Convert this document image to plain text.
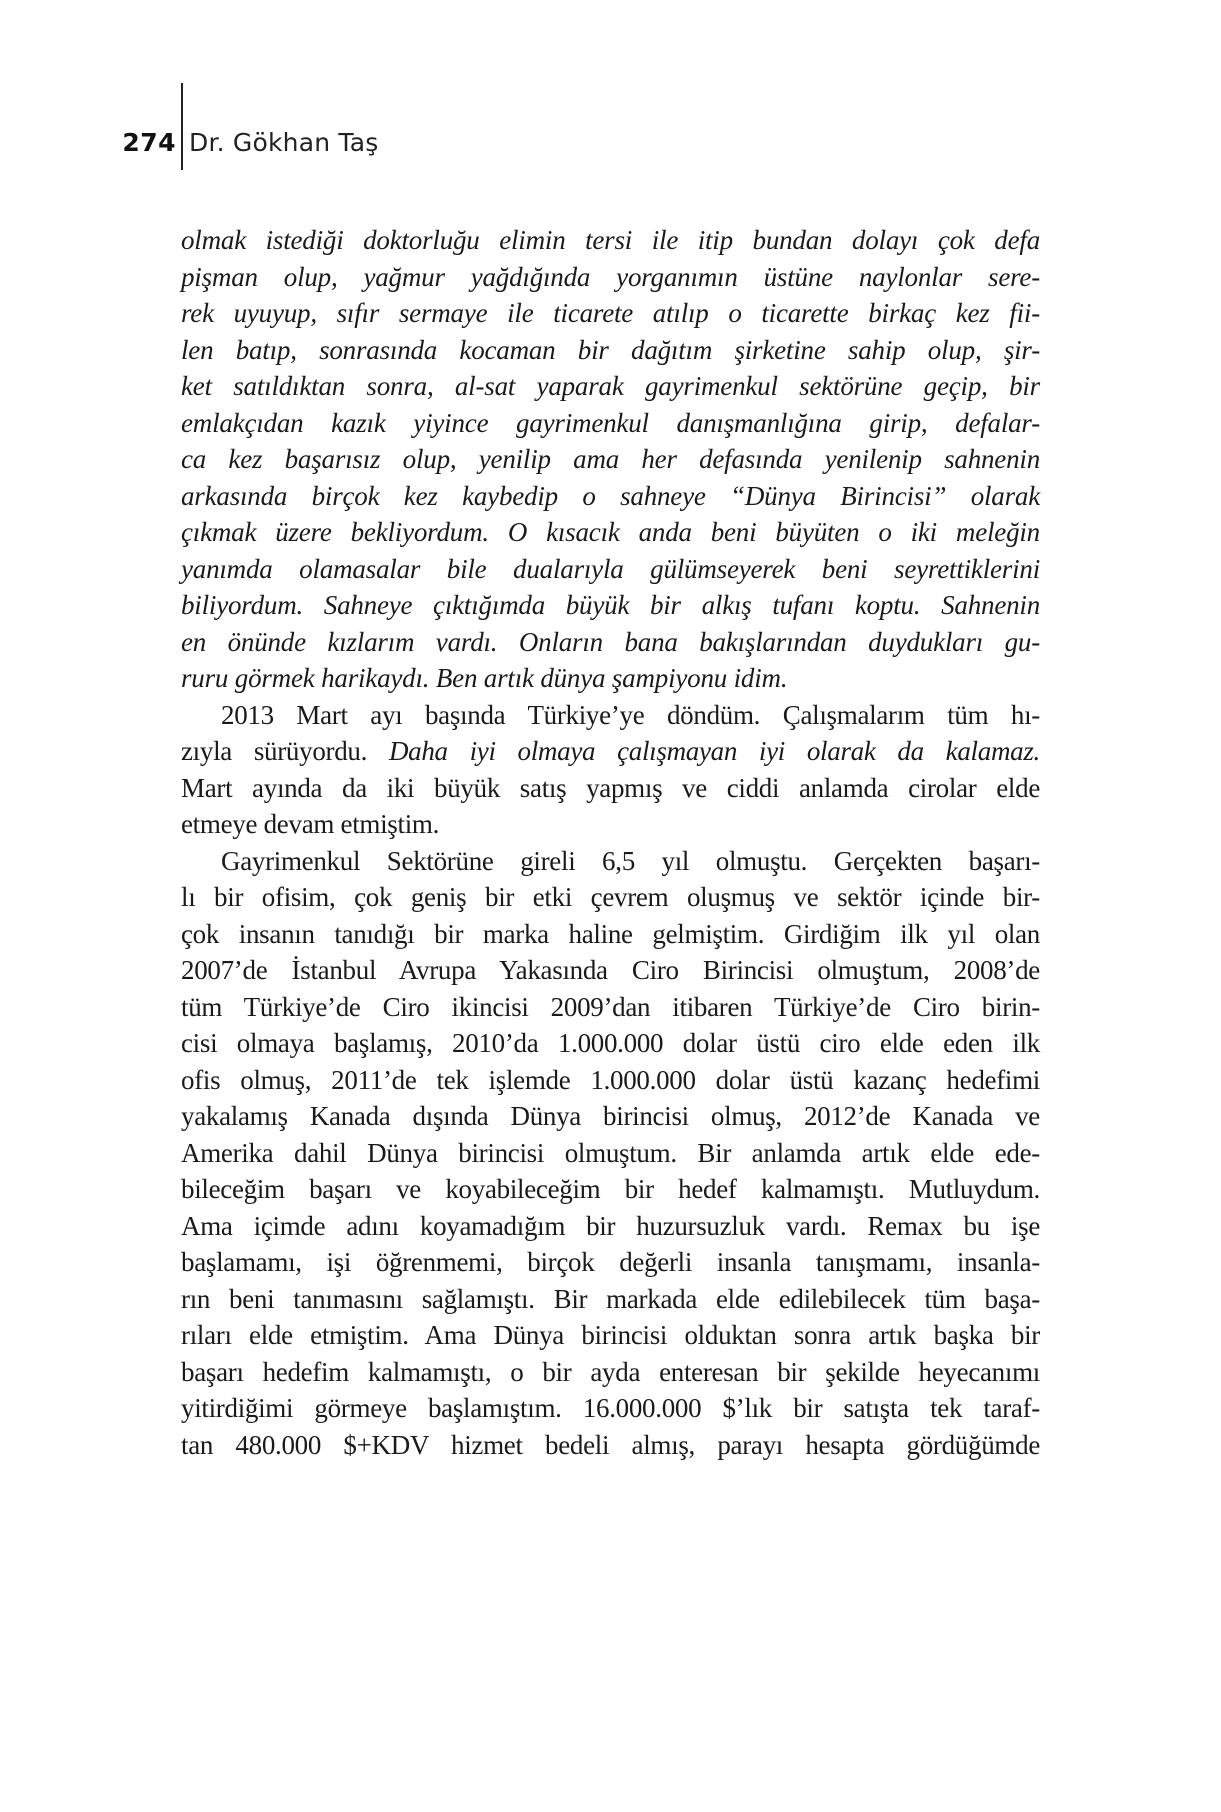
274 Dr. Gökhan Taş
olmak istediği doktorluğu elimin tersi ile itip bundan dolayı çok defa
pişman olup, yağmur yağdığında yorganımın üstüne naylonlar sere-
rek uyuyup, sıfır sermaye ile ticarete atılıp o ticarette birkaç kez fii-
len batıp, sonrasında kocaman bir dağıtım şirketine sahip olup, şir-
ket satıldıktan sonra, al-sat yaparak gayrimenkul sektörüne geçip, bir
emlakçıdan kazık yiyince gayrimenkul danışmanlığına girip, defalar-
ca kez başarısız olup, yenilip ama her defasında yenilenip sahnenin
arkasında birçok kez kaybedip o sahneye “Dünya Birincisi” olarak
çıkmak üzere bekliyordum. O kısacık anda beni büyüten o iki meleğin
yanımda olamasalar bile dualarıyla gülümseyerek beni seyrettiklerini
biliyordum. Sahneye çıktığımda büyük bir alkış tufanı koptu. Sahnenin
en önünde kızlarım vardı. Onların bana bakışlarından duydukları gu-
ruru görmek harikaydı. Ben artık dünya şampiyonu idim.
2013 Mart ayı başında Türkiye’ye döndüm. Çalışmalarım tüm hı-
zıyla sürüyordu. Daha iyi olmaya çalışmayan iyi olarak da kalamaz.
Mart ayında da iki büyük satış yapmış ve ciddi anlamda cirolar elde
etmeye devam etmiştim.
Gayrimenkul Sektörüne gireli 6,5 yıl olmuştu. Gerçekten başarı-
lı bir ofisim, çok geniş bir etki çevrem oluşmuş ve sektör içinde bir-
çok insanın tanıdığı bir marka haline gelmiştim. Girdiğim ilk yıl olan
2007’de İstanbul Avrupa Yakasında Ciro Birincisi olmuştum, 2008’de
tüm Türkiye’de Ciro ikincisi 2009’dan itibaren Türkiye’de Ciro birin-
cisi olmaya başlamış, 2010’da 1.000.000 dolar üstü ciro elde eden ilk
ofis olmuş, 2011’de tek işlemde 1.000.000 dolar üstü kazanç hedefimi
yakalamış Kanada dışında Dünya birincisi olmuş, 2012’de Kanada ve
Amerika dahil Dünya birincisi olmuştum. Bir anlamda artık elde ede-
bileceğim başarı ve koyabileceğim bir hedef kalmamıştı. Mutluydum.
Ama içimde adını koyamadığım bir huzursuzluk vardı. Remax bu işe
başlamamı, işi öğrenmemi, birçok değerli insanla tanışmamı, insanla-
rın beni tanımasını sağlamıştı. Bir markada elde edilebilecek tüm başa-
rıları elde etmiştim. Ama Dünya birincisi olduktan sonra artık başka bir
başarı hedefim kalmamıştı, o bir ayda enteresan bir şekilde heyecanımı
yitirdiğimi görmeye başlamıştım. 16.000.000 $’lık bir satışta tek taraf-
tan 480.000 $+KDV hizmet bedeli almış, parayı hesapta gördüğümde
